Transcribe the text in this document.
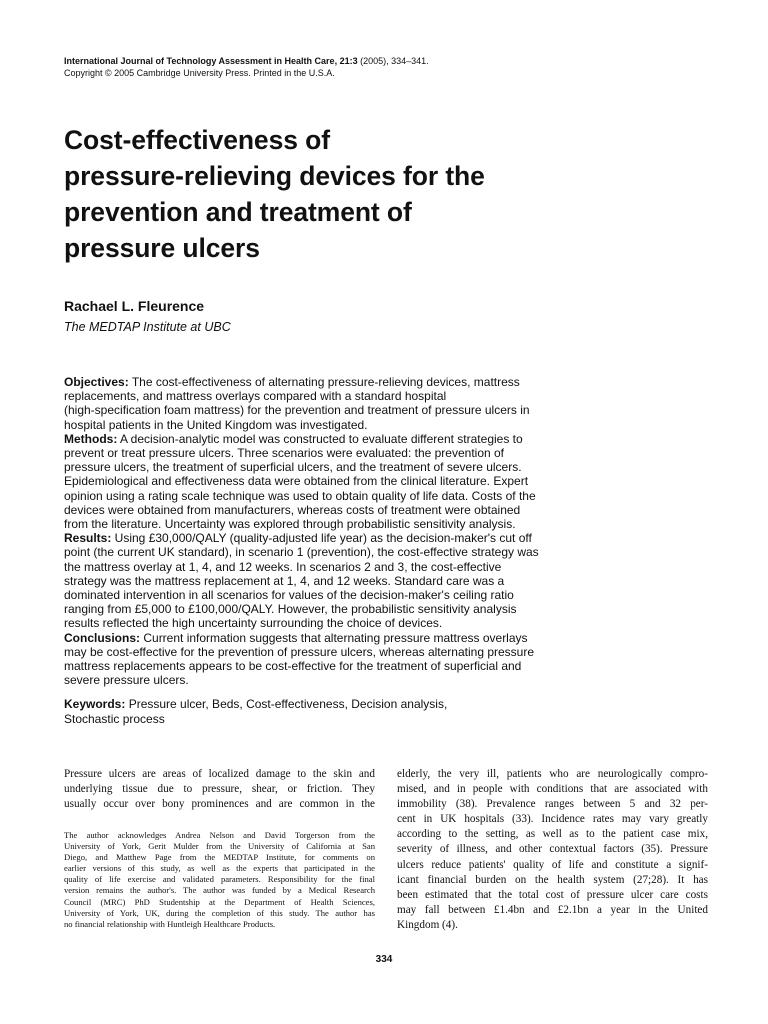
International Journal of Technology Assessment in Health Care, 21:3 (2005), 334–341.
Copyright © 2005 Cambridge University Press. Printed in the U.S.A.
Cost-effectiveness of
pressure-relieving devices for the
prevention and treatment of
pressure ulcers
Rachael L. Fleurence
The MEDTAP Institute at UBC
Objectives: The cost-effectiveness of alternating pressure-relieving devices, mattress
replacements, and mattress overlays compared with a standard hospital
(high-specification foam mattress) for the prevention and treatment of pressure ulcers in
hospital patients in the United Kingdom was investigated.
Methods: A decision-analytic model was constructed to evaluate different strategies to
prevent or treat pressure ulcers. Three scenarios were evaluated: the prevention of
pressure ulcers, the treatment of superficial ulcers, and the treatment of severe ulcers.
Epidemiological and effectiveness data were obtained from the clinical literature. Expert
opinion using a rating scale technique was used to obtain quality of life data. Costs of the
devices were obtained from manufacturers, whereas costs of treatment were obtained
from the literature. Uncertainty was explored through probabilistic sensitivity analysis.
Results: Using £30,000/QALY (quality-adjusted life year) as the decision-maker's cut off
point (the current UK standard), in scenario 1 (prevention), the cost-effective strategy was
the mattress overlay at 1, 4, and 12 weeks. In scenarios 2 and 3, the cost-effective
strategy was the mattress replacement at 1, 4, and 12 weeks. Standard care was a
dominated intervention in all scenarios for values of the decision-maker's ceiling ratio
ranging from £5,000 to £100,000/QALY. However, the probabilistic sensitivity analysis
results reflected the high uncertainty surrounding the choice of devices.
Conclusions: Current information suggests that alternating pressure mattress overlays
may be cost-effective for the prevention of pressure ulcers, whereas alternating pressure
mattress replacements appears to be cost-effective for the treatment of superficial and
severe pressure ulcers.
Keywords: Pressure ulcer, Beds, Cost-effectiveness, Decision analysis,
Stochastic process
Pressure ulcers are areas of localized damage to the skin and
underlying tissue due to pressure, shear, or friction. They
usually occur over bony prominences and are common in the
The author acknowledges Andrea Nelson and David Torgerson from the
University of York, Gerit Mulder from the University of California at San
Diego, and Matthew Page from the MEDTAP Institute, for comments on
earlier versions of this study, as well as the experts that participated in the
quality of life exercise and validated parameters. Responsibility for the final
version remains the author's. The author was funded by a Medical Research
Council (MRC) PhD Studentship at the Department of Health Sciences,
University of York, UK, during the completion of this study. The author has
no financial relationship with Huntleigh Healthcare Products.
elderly, the very ill, patients who are neurologically compro-
mised, and in people with conditions that are associated with
immobility (38). Prevalence ranges between 5 and 32 per-
cent in UK hospitals (33). Incidence rates may vary greatly
according to the setting, as well as to the patient case mix,
severity of illness, and other contextual factors (35). Pressure
ulcers reduce patients' quality of life and constitute a signif-
icant financial burden on the health system (27;28). It has
been estimated that the total cost of pressure ulcer care costs
may fall between £1.4bn and £2.1bn a year in the United
Kingdom (4).
334
